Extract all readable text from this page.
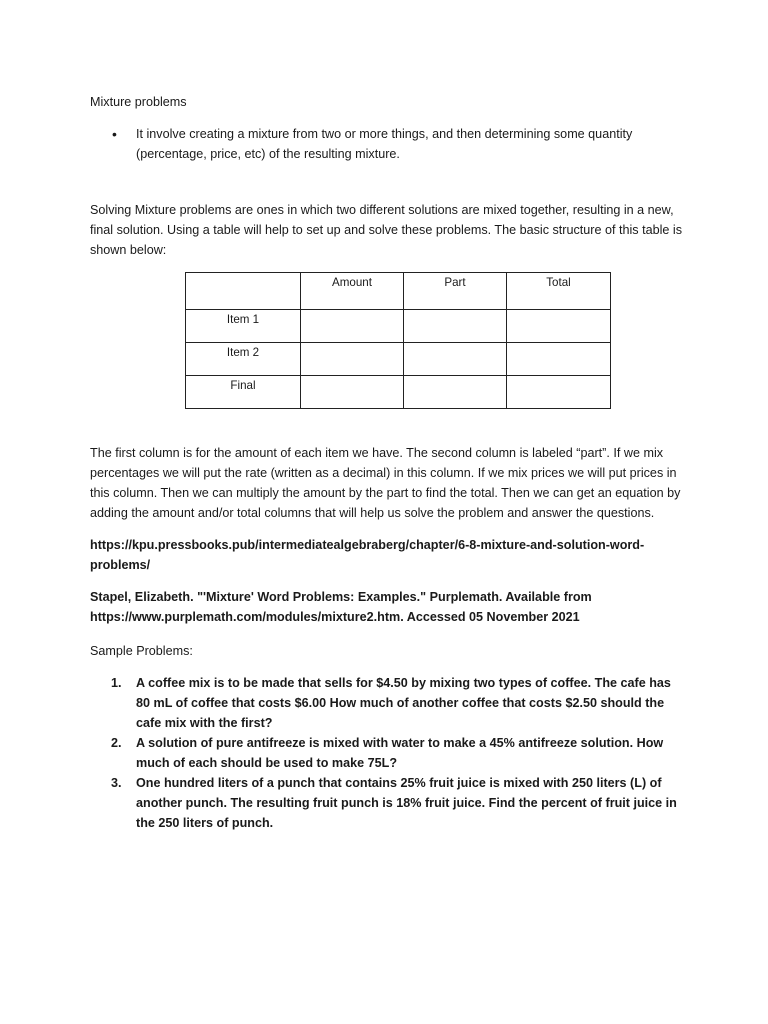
Mixture problems

• It involve creating a mixture from two or more things, and then determining some quantity (percentage, price, etc) of the resulting mixture.

Solving Mixture problems are ones in which two different solutions are mixed together, resulting in a new, final solution. Using a table will help to set up and solve these problems. The basic structure of this table is shown below:

	Amount	Part	Total
Item 1			
Item 2			
Final			

The first column is for the amount of each item we have. The second column is labeled “part”. If we mix percentages we will put the rate (written as a decimal) in this column. If we mix prices we will put prices in this column. Then we can multiply the amount by the part to find the total. Then we can get an equation by adding the amount and/or total columns that will help us solve the problem and answer the questions.

https://kpu.pressbooks.pub/intermediatealgebraberg/chapter/6-8-mixture-and-solution-word-problems/

Stapel, Elizabeth. "'Mixture' Word Problems: Examples." Purplemath. Available from https://www.purplemath.com/modules/mixture2.htm. Accessed 05 November 2021

Sample Problems:

1. A coffee mix is to be made that sells for $4.50 by mixing two types of coffee. The cafe has 80 mL of coffee that costs $6.00 How much of another coffee that costs $2.50 should the cafe mix with the first?
2. A solution of pure antifreeze is mixed with water to make a 45% antifreeze solution. How much of each should be used to make 75L?
3. One hundred liters of a punch that contains 25% fruit juice is mixed with 250 liters (L) of another punch. The resulting fruit punch is 18% fruit juice. Find the percent of fruit juice in the 250 liters of punch.
